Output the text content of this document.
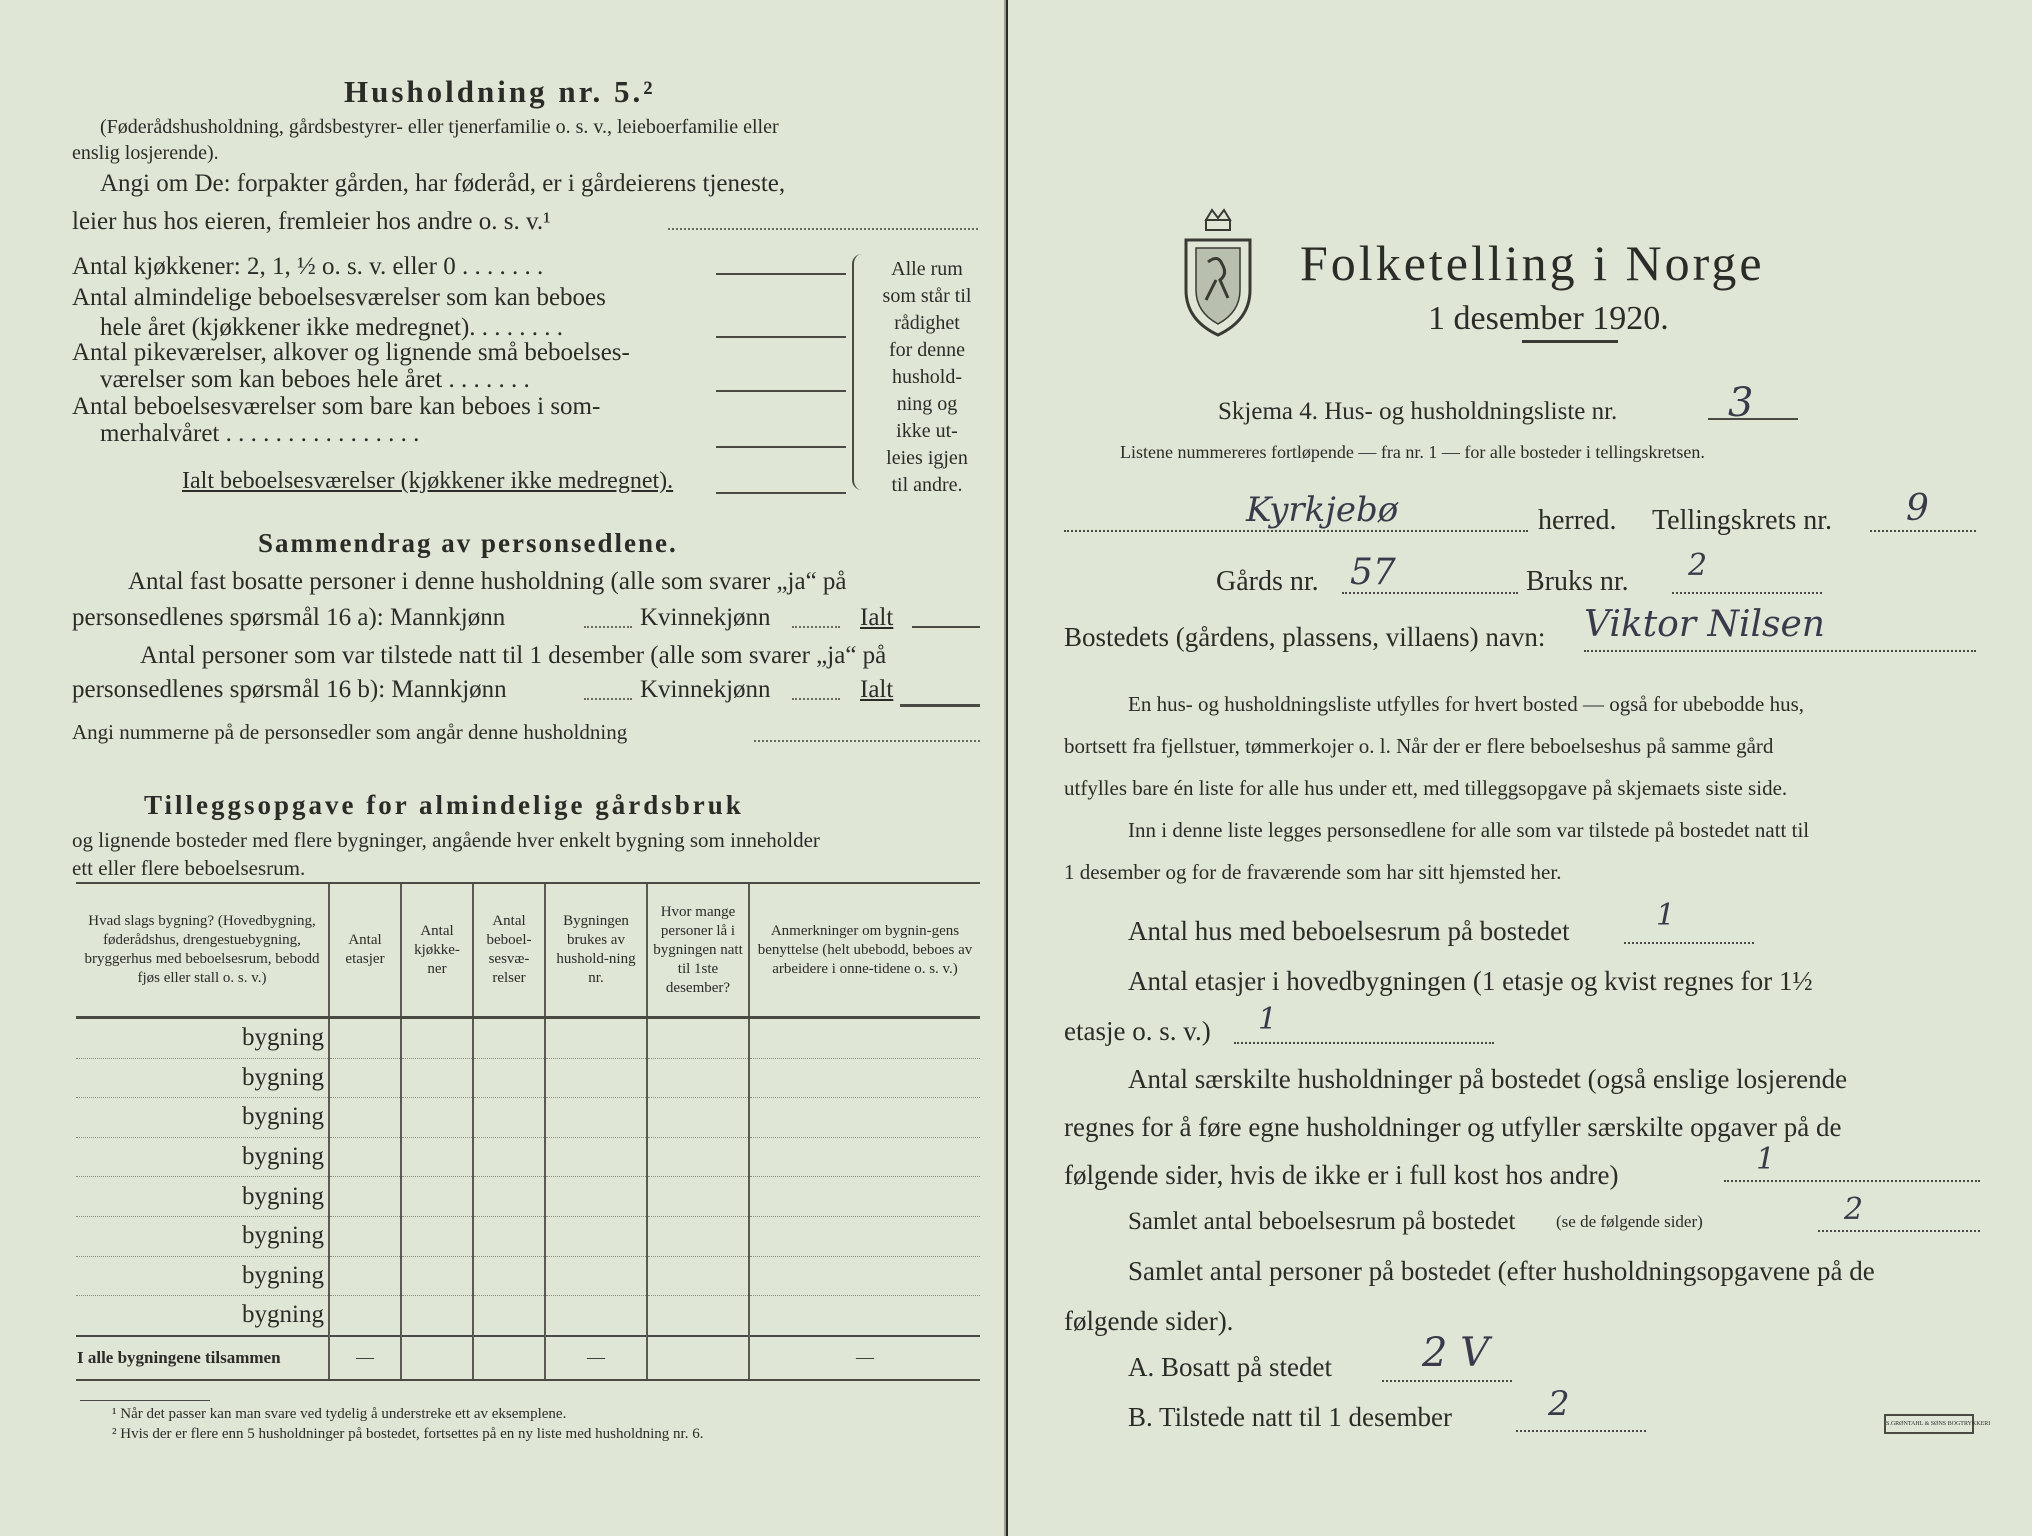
Husholdning nr. 5.²
(Føderådshusholdning, gårdsbestyrer- eller tjenerfamilie o. s. v., leieboerfamilie eller
enslig losjerende).
Angi om De: forpakter gården, har føderåd, er i gårdeierens tjeneste,
leier hus hos eieren, fremleier hos andre o. s. v.¹
Antal kjøkkener: 2, 1, ½ o. s. v. eller 0 . . . . . . .
Antal almindelige beboelsesværelser som kan beboes
hele året (kjøkkener ikke medregnet). . . . . . . .
Antal pikeværelser, alkover og lignende små beboelses-
værelser som kan beboes hele året . . . . . . .
Antal beboelsesværelser som bare kan beboes i som-
merhalvåret . . . . . . . . . . . . . . . .
Ialt beboelsesværelser (kjøkkener ikke medregnet).
Alle rum
som står til
rådighet
for denne
hushold-
ning og
ikke ut-
leies igjen
til andre.
Sammendrag av personsedlene.
Antal fast bosatte personer i denne husholdning (alle som svarer „ja“ på
personsedlenes spørsmål 16 a): Mannkjønn	Kvinnekjønn	Ialt
Antal personer som var tilstede natt til 1 desember (alle som svarer „ja“ på
personsedlenes spørsmål 16 b): Mannkjønn	Kvinnekjønn	Ialt
Angi nummerne på de personsedler som angår denne husholdning
Tilleggsopgave for almindelige gårdsbruk
og lignende bosteder med flere bygninger, angående hver enkelt bygning som inneholder
ett eller flere beboelsesrum.
Hvad slags bygning? (Hovedbygning, føderådshus, drengestuebygning, bryggerhus med beboelsesrum, bebodd fjøs eller stall o. s. v.)	Antal etasjer	Antal kjøkke-ner	Antal beboel-sesvæ-relser	Bygningen brukes av hushold-ning nr.	Hvor mange personer lå i bygningen natt til 1ste desember?	Anmerkninger om bygnin-gens benyttelse (helt ubebodd, beboes av arbeidere i onne-tidene o. s. v.)
bygning						
bygning						
bygning						
bygning						
bygning						
bygning						
bygning						
bygning						
I alle bygningene tilsammen	—			—		—
¹ Når det passer kan man svare ved tydelig å understreke ett av eksemplene.
² Hvis der er flere enn 5 husholdninger på bostedet, fortsettes på en ny liste med husholdning nr. 6.
Folketelling i Norge
1 desember 1920.
Skjema 4. Hus- og husholdningsliste nr.	3
Listene nummereres fortløpende — fra nr. 1 — for alle bosteder i tellingskretsen.
Kyrkjebø	herred. Tellingskrets nr. 9
Gårds nr. 57	Bruks nr. 2
Bostedets (gårdens, plassens, villaens) navn: Viktor Nilsen
En hus- og husholdningsliste utfylles for hvert bosted — også for ubebodde hus,
bortsett fra fjellstuer, tømmerkojer o. l. Når der er flere beboelseshus på samme gård
utfylles bare én liste for alle hus under ett, med tilleggsopgave på skjemaets siste side.
Inn i denne liste legges personsedlene for alle som var tilstede på bostedet natt til
1 desember og for de fraværende som har sitt hjemsted her.
Antal hus med beboelsesrum på bostedet	1
Antal etasjer i hovedbygningen (1 etasje og kvist regnes for 1½
etasje o. s. v.) 1
Antal særskilte husholdninger på bostedet (også enslige losjerende
regnes for å føre egne husholdninger og utfyller særskilte opgaver på de
følgende sider, hvis de ikke er i full kost hos andre)	1
Samlet antal beboelsesrum på bostedet (se de følgende sider)	2
Samlet antal personer på bostedet (efter husholdningsopgavene på de
følgende sider).
A. Bosatt på stedet 2 V
B. Tilstede natt til 1 desember	2	S.GRØNTAHL & SØNS BOGTRYKKERI
